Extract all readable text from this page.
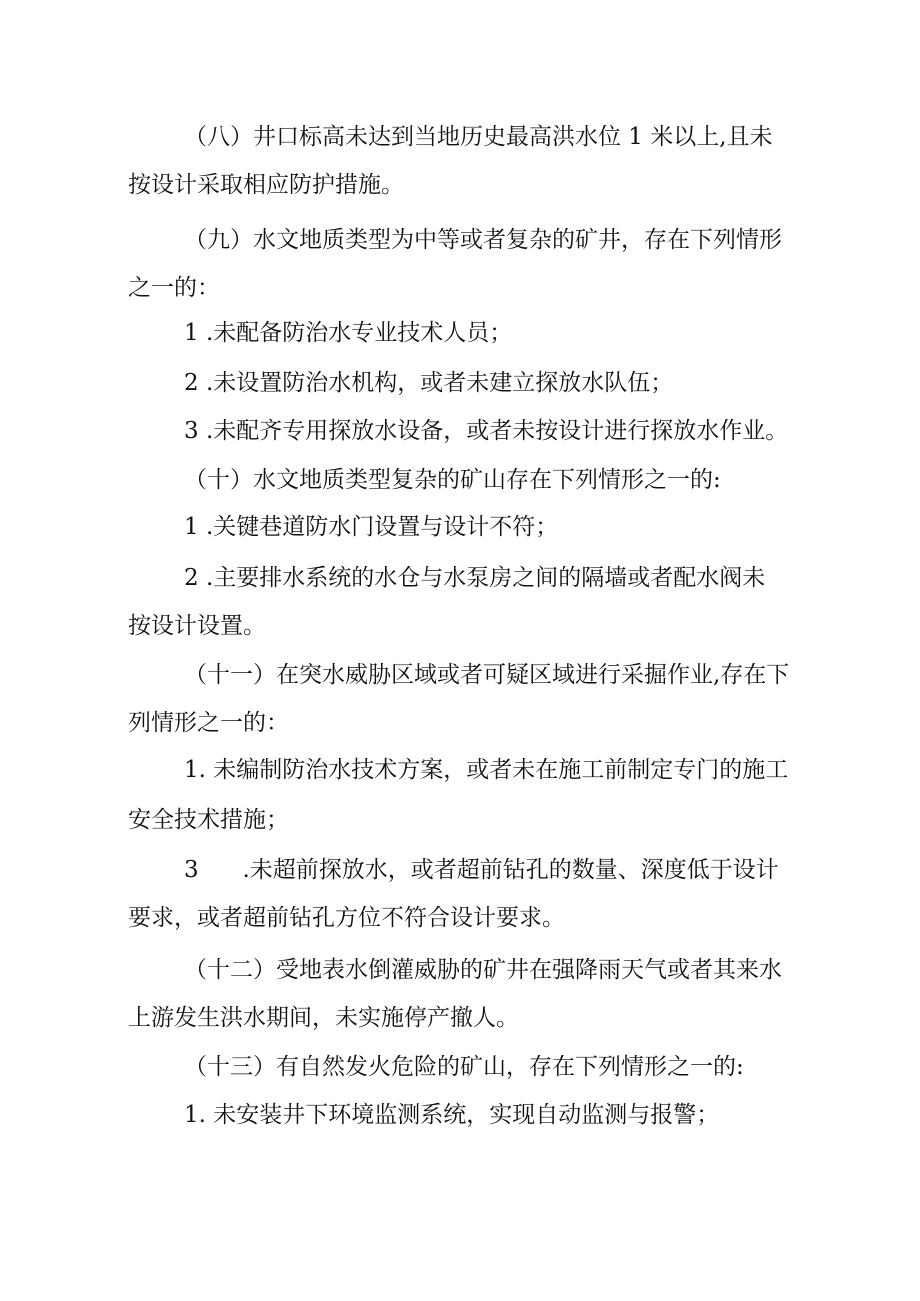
（八）井口标高未达到当地历史最高洪水位 1 米以上,且未
按设计采取相应防护措施。
（九）水文地质类型为中等或者复杂的矿井，存在下列情形
之一的：
1 .未配备防治水专业技术人员；
2 .未设置防治水机构，或者未建立探放水队伍；
3 .未配齐专用探放水设备，或者未按设计进行探放水作业。
（十）水文地质类型复杂的矿山存在下列情形之一的:
1 .关键巷道防水门设置与设计不符；
2 .主要排水系统的水仓与水泵房之间的隔墙或者配水阀未
按设计设置。
（十一）在突水威胁区域或者可疑区域进行采掘作业,存在下
列情形之一的：
1. 未编制防治水技术方案，或者未在施工前制定专门的施工
安全技术措施；
3      .未超前探放水，或者超前钻孔的数量、深度低于设计
要求，或者超前钻孔方位不符合设计要求。
（十二）受地表水倒灌威胁的矿井在强降雨天气或者其来水
上游发生洪水期间，未实施停产撤人。
（十三）有自然发火危险的矿山，存在下列情形之一的:
1. 未安装井下环境监测系统，实现自动监测与报警；
